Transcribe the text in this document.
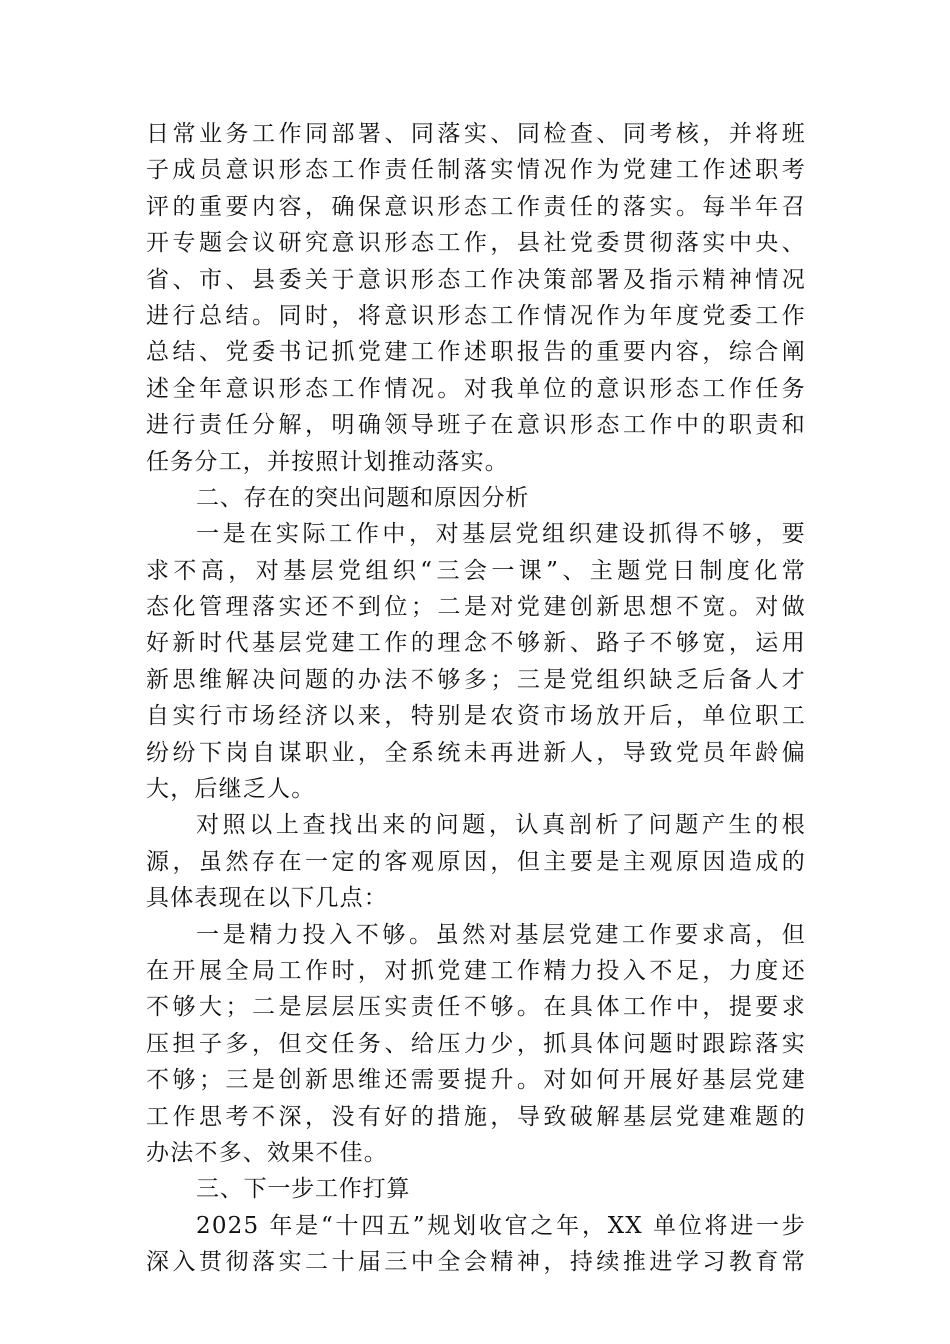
日常业务工作同部署、同落实、同检查、同考核，并将班
子成员意识形态工作责任制落实情况作为党建工作述职考
评的重要内容，确保意识形态工作责任的落实。每半年召
开专题会议研究意识形态工作，县社党委贯彻落实中央、
省、市、县委关于意识形态工作决策部署及指示精神情况
进行总结。同时，将意识形态工作情况作为年度党委工作
总结、党委书记抓党建工作述职报告的重要内容，综合阐
述全年意识形态工作情况。对我单位的意识形态工作任务
进行责任分解，明确领导班子在意识形态工作中的职责和
任务分工，并按照计划推动落实。
二、存在的突出问题和原因分析
一是在实际工作中，对基层党组织建设抓得不够，要
求不高，对基层党组织“三会一课”、主题党日制度化常
态化管理落实还不到位；二是对党建创新思想不宽。对做
好新时代基层党建工作的理念不够新、路子不够宽，运用
新思维解决问题的办法不够多；三是党组织缺乏后备人才
自实行市场经济以来，特别是农资市场放开后，单位职工
纷纷下岗自谋职业，全系统未再进新人，导致党员年龄偏
大，后继乏人。
对照以上查找出来的问题，认真剖析了问题产生的根
源，虽然存在一定的客观原因，但主要是主观原因造成的
具体表现在以下几点：
一是精力投入不够。虽然对基层党建工作要求高，但
在开展全局工作时，对抓党建工作精力投入不足，力度还
不够大；二是层层压实责任不够。在具体工作中，提要求
压担子多，但交任务、给压力少，抓具体问题时跟踪落实
不够；三是创新思维还需要提升。对如何开展好基层党建
工作思考不深，没有好的措施，导致破解基层党建难题的
办法不多、效果不佳。
三、下一步工作打算
2025 年是“十四五”规划收官之年，XX 单位将进一步
深入贯彻落实二十届三中全会精神，持续推进学习教育常
